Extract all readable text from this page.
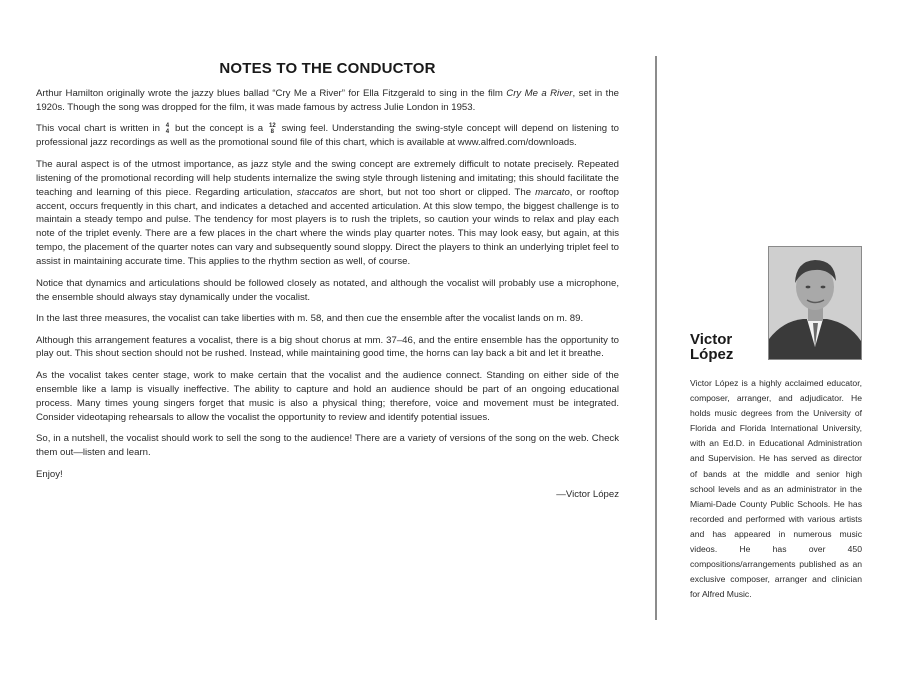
NOTES TO THE CONDUCTOR

Arthur Hamilton originally wrote the jazzy blues ballad “Cry Me a River” for Ella Fitzgerald to sing in the film Cry Me a River, set in the 1920s. Though the song was dropped for the film, it was made famous by actress Julie London in 1953.

This vocal chart is written in 4
4 but the concept is a 12
8 swing feel. Understanding the swing-style concept will depend on listening to professional jazz recordings as well as the promotional sound file of this chart, which is available at www.alfred.com/downloads.

The aural aspect is of the utmost importance, as jazz style and the swing concept are extremely difficult to notate precisely. Repeated listening of the promotional recording will help students internalize the swing style through listening and imitating; this should facilitate the teaching and learning of this piece. Regarding articulation, staccatos are short, but not too short or clipped. The marcato, or rooftop accent, occurs frequently in this chart, and indicates a detached and accented articulation. At this slow tempo, the biggest challenge is to maintain a steady tempo and pulse. The tendency for most players is to rush the triplets, so caution your winds to relax and play each note of the triplet evenly. There are a few places in the chart where the winds play quarter notes. This may look easy, but again, at this tempo, the placement of the quarter notes can vary and subsequently sound sloppy. Direct the players to think an underlying triplet feel to assist in maintaining accurate time. This applies to the rhythm section as well, of course.

Notice that dynamics and articulations should be followed closely as notated, and although the vocalist will probably use a microphone, the ensemble should always stay dynamically under the vocalist.

In the last three measures, the vocalist can take liberties with m. 58, and then cue the ensemble after the vocalist lands on m. 89.

Although this arrangement features a vocalist, there is a big shout chorus at mm. 37–46, and the entire ensemble has the opportunity to play out. This shout section should not be rushed. Instead, while maintaining good time, the horns can lay back a bit and let it breathe.

As the vocalist takes center stage, work to make certain that the vocalist and the audience connect. Standing on either side of the ensemble like a lamp is visually ineffective. The ability to capture and hold an audience should be part of an ongoing educational process. Many times young singers forget that music is also a physical thing; therefore, voice and movement must be integrated. Consider videotaping rehearsals to allow the vocalist the opportunity to review and identify potential issues.

So, in a nutshell, the vocalist should work to sell the song to the audience! There are a variety of versions of the song on the web. Check them out—listen and learn.

Enjoy!

—Victor López
Victor
López
Victor López is a highly acclaimed educator, composer, arranger, and adjudicator. He holds music degrees from the University of Florida and Florida International University, with an Ed.D. in Educational Administration and Supervision. He has served as director of bands at the middle and senior high school levels and as an administrator in the Miami-Dade County Public Schools. He has recorded and performed with various artists and has appeared in numerous music videos. He has over 450 compositions/arrangements published as an exclusive composer, arranger and clinician for Alfred Music.
